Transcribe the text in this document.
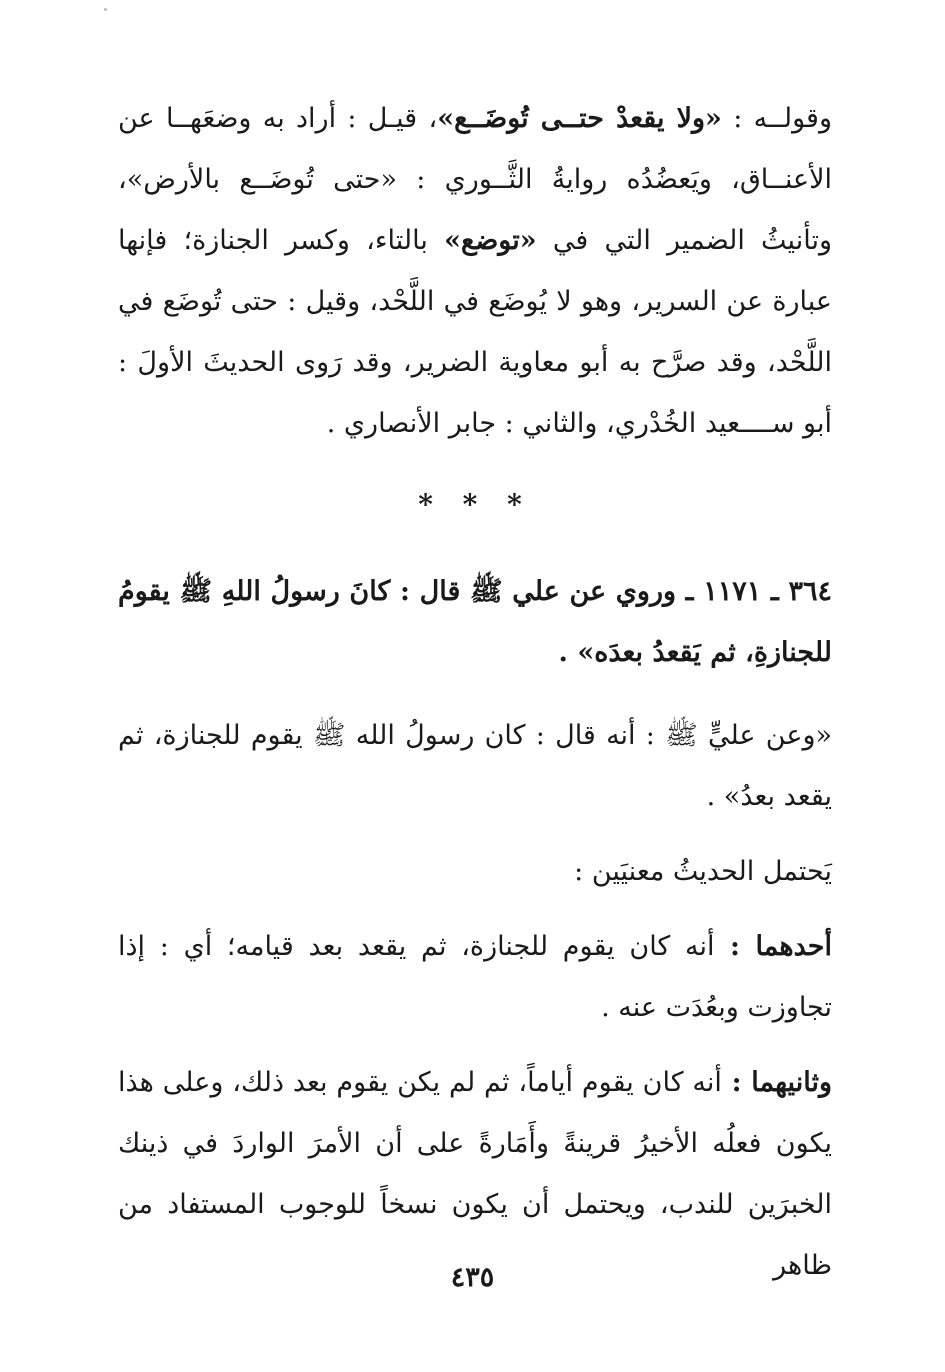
وقولــه : «ولا يقعدْ حتــى تُوضَــع»، قيـل : أراد به وضعَهــا عن الأعنــاق، ويَعضُدُه روايةُ الثَّــوري : «حتى تُوضَــع بالأرض»، وتأنيثُ الضمير التي في «توضع» بالتاء، وكسر الجنازة؛ فإنها عبارة عن السرير، وهو لا يُوضَع في اللَّحْد، وقيل : حتى تُوضَع في اللَّحْد، وقد صرَّح به أبو معاوية الضرير، وقد رَوى الحديثَ الأولَ : أبو ســــعيد الخُدْري، والثاني : جابر الأنصاري .

* * *

٣٦٤ ـ ١١٧١ ـ وروي عن علي ﷺ قال : كانَ رسولُ اللهِ ﷺ يقومُ للجنازةِ، ثم يَقعدُ بعدَه» .

«وعن عليٍّ ﷺ : أنه قال : كان رسولُ الله ﷺ يقوم للجنازة، ثم يقعد بعدُ» .

يَحتمل الحديثُ معنيَين :

أحدهما : أنه كان يقوم للجنازة، ثم يقعد بعد قيامه؛ أي : إذا تجاوزت وبعُدَت عنه .

وثانيهما : أنه كان يقوم أياماً، ثم لم يكن يقوم بعد ذلك، وعلى هذا يكون فعلُه الأخيرُ قرينةً وأَمَارةً على أن الأمرَ الواردَ في ذينك الخبرَين للندب، ويحتمل أن يكون نسخاً للوجوب المستفاد من ظاهر

٤٣٥
